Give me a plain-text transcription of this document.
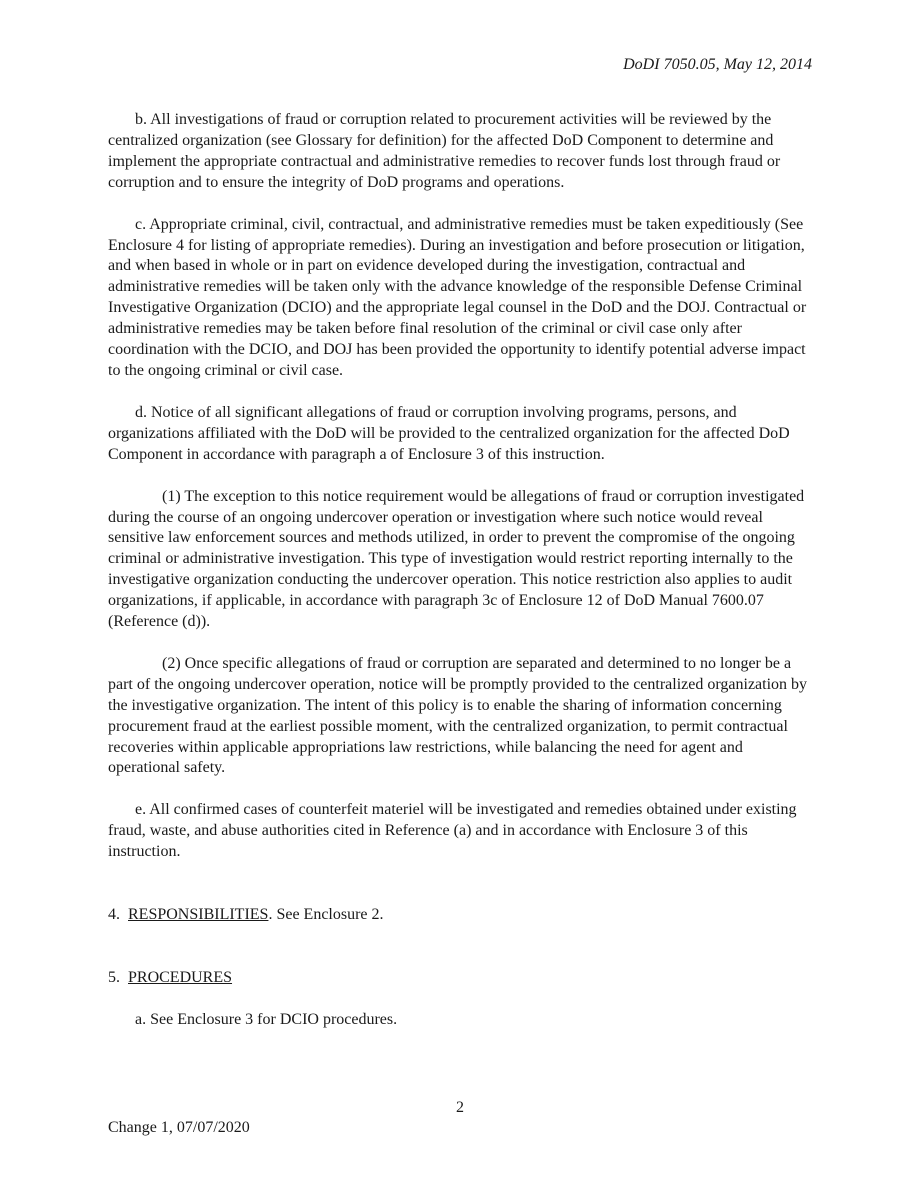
DoDI 7050.05, May 12, 2014

b. All investigations of fraud or corruption related to procurement activities will be reviewed by the centralized organization (see Glossary for definition) for the affected DoD Component to determine and implement the appropriate contractual and administrative remedies to recover funds lost through fraud or corruption and to ensure the integrity of DoD programs and operations.

c. Appropriate criminal, civil, contractual, and administrative remedies must be taken expeditiously (See Enclosure 4 for listing of appropriate remedies). During an investigation and before prosecution or litigation, and when based in whole or in part on evidence developed during the investigation, contractual and administrative remedies will be taken only with the advance knowledge of the responsible Defense Criminal Investigative Organization (DCIO) and the appropriate legal counsel in the DoD and the DOJ. Contractual or administrative remedies may be taken before final resolution of the criminal or civil case only after coordination with the DCIO, and DOJ has been provided the opportunity to identify potential adverse impact to the ongoing criminal or civil case.

d. Notice of all significant allegations of fraud or corruption involving programs, persons, and organizations affiliated with the DoD will be provided to the centralized organization for the affected DoD Component in accordance with paragraph a of Enclosure 3 of this instruction.

(1) The exception to this notice requirement would be allegations of fraud or corruption investigated during the course of an ongoing undercover operation or investigation where such notice would reveal sensitive law enforcement sources and methods utilized, in order to prevent the compromise of the ongoing criminal or administrative investigation. This type of investigation would restrict reporting internally to the investigative organization conducting the undercover operation. This notice restriction also applies to audit organizations, if applicable, in accordance with paragraph 3c of Enclosure 12 of DoD Manual 7600.07 (Reference (d)).

(2) Once specific allegations of fraud or corruption are separated and determined to no longer be a part of the ongoing undercover operation, notice will be promptly provided to the centralized organization by the investigative organization. The intent of this policy is to enable the sharing of information concerning procurement fraud at the earliest possible moment, with the centralized organization, to permit contractual recoveries within applicable appropriations law restrictions, while balancing the need for agent and operational safety.

e. All confirmed cases of counterfeit materiel will be investigated and remedies obtained under existing fraud, waste, and abuse authorities cited in Reference (a) and in accordance with Enclosure 3 of this instruction.

4. RESPONSIBILITIES. See Enclosure 2.

5. PROCEDURES

a. See Enclosure 3 for DCIO procedures.

2
Change 1, 07/07/2020
